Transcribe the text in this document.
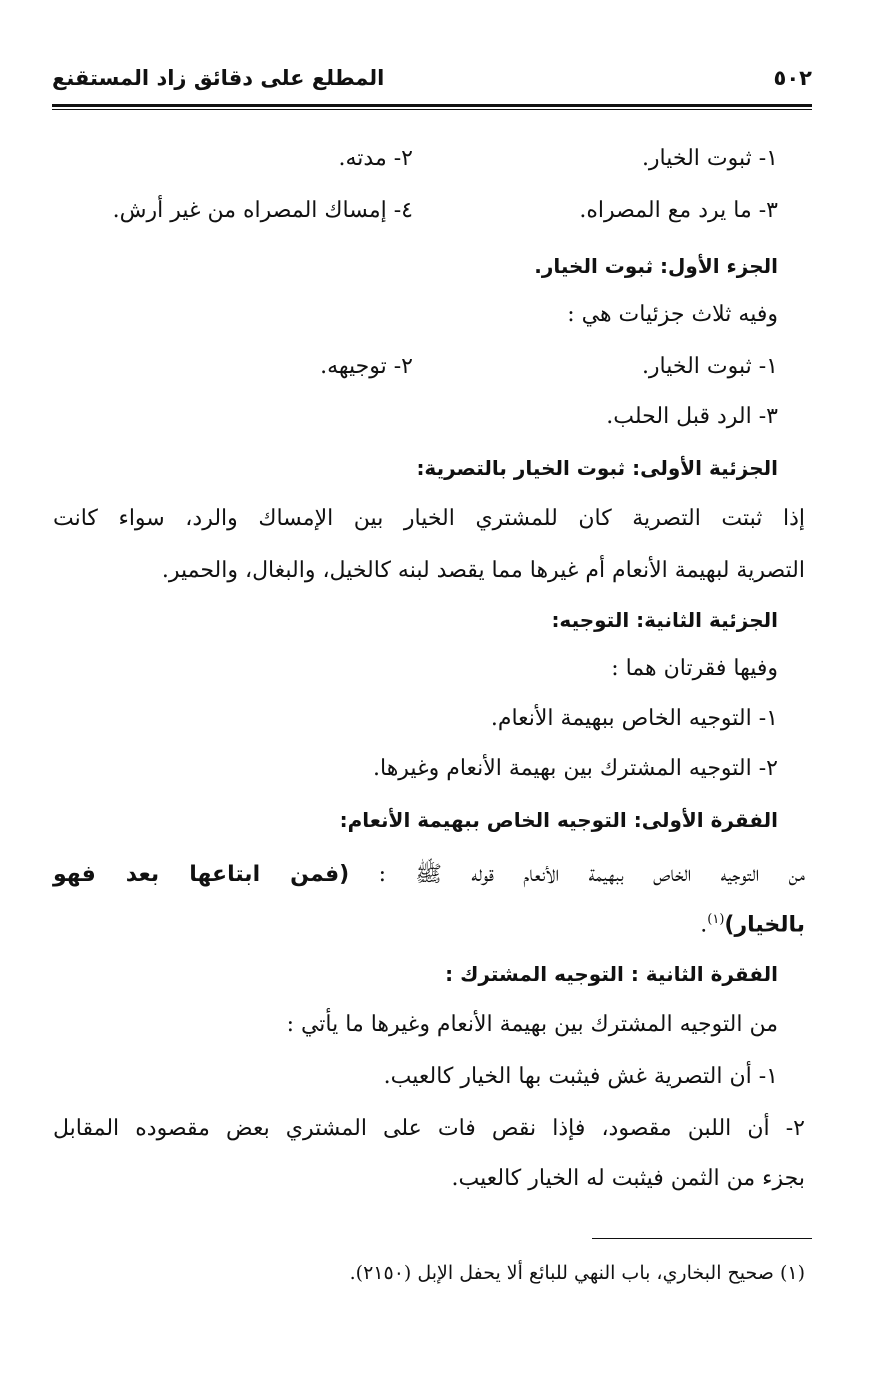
المطلع على دقائق زاد المستقنع	٥٠٢
١- ثبوت الخيار.
٢- مدته.
٣- ما يرد مع المصراه.
٤- إمساك المصراه من غير أرش.
الجزء الأول: ثبوت الخيار.
وفيه ثلاث جزئيات هي :
١- ثبوت الخيار.
٢- توجيهه.
٣- الرد قبل الحلب.
الجزئية الأولى: ثبوت الخيار بالتصرية:
إذا ثبتت التصرية كان للمشتري الخيار بين الإمساك والرد، سواء كانت
التصرية لبهيمة الأنعام أم غيرها مما يقصد لبنه كالخيل، والبغال، والحمير.
الجزئية الثانية: التوجيه:
وفيها فقرتان هما :
١- التوجيه الخاص ببهيمة الأنعام.
٢- التوجيه المشترك بين بهيمة الأنعام وغيرها.
الفقرة الأولى: التوجيه الخاص ببهيمة الأنعام:
من التوجيه الخاص ببهيمة الأنعام قوله ﷺ : (فمن ابتاعها بعد فهو
بالخيار)$^{(١)}$.
الفقرة الثانية : التوجيه المشترك :
من التوجيه المشترك بين بهيمة الأنعام وغيرها ما يأتي :
١- أن التصرية غش فيثبت بها الخيار كالعيب.
٢- أن اللبن مقصود، فإذا نقص فات على المشتري بعض مقصوده المقابل
بجزء من الثمن فيثبت له الخيار كالعيب.
(١) صحيح البخاري، باب النهي للبائع ألا يحفل الإبل (٢١٥٠).
